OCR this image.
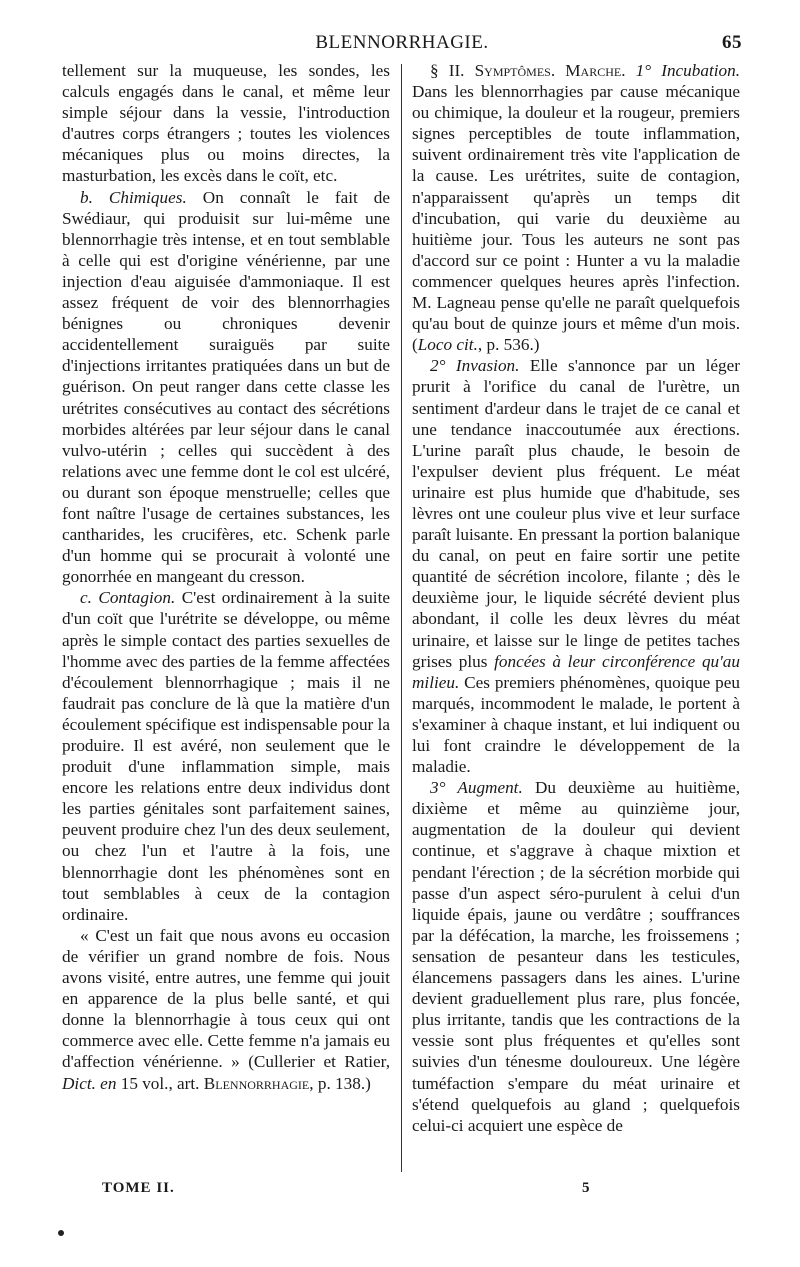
BLENNORRHAGIE.	65

tellement sur la muqueuse, les sondes, les calculs engagés dans le canal, et même leur simple séjour dans la vessie, l'introduction d'autres corps étrangers ; toutes les violences mécaniques plus ou moins directes, la masturbation, les excès dans le coït, etc.

b. Chimiques. On connaît le fait de Swédiaur, qui produisit sur lui-même une blennorrhagie très intense, et en tout semblable à celle qui est d'origine vénérienne, par une injection d'eau aiguisée d'ammoniaque. Il est assez fréquent de voir des blennorrhagies bénignes ou chroniques devenir accidentellement suraiguës par suite d'injections irritantes pratiquées dans un but de guérison. On peut ranger dans cette classe les urétrites consécutives au contact des sécrétions morbides altérées par leur séjour dans le canal vulvo-utérin ; celles qui succèdent à des relations avec une femme dont le col est ulcéré, ou durant son époque menstruelle; celles que font naître l'usage de certaines substances, les cantharides, les crucifères, etc. Schenk parle d'un homme qui se procurait à volonté une gonorrhée en mangeant du cresson.

c. Contagion. C'est ordinairement à la suite d'un coït que l'urétrite se développe, ou même après le simple contact des parties sexuelles de l'homme avec des parties de la femme affectées d'écoulement blennorrhagique ; mais il ne faudrait pas conclure de là que la matière d'un écoulement spécifique est indispensable pour la produire. Il est avéré, non seulement que le produit d'une inflammation simple, mais encore les relations entre deux individus dont les parties génitales sont parfaitement saines, peuvent produire chez l'un des deux seulement, ou chez l'un et l'autre à la fois, une blennorrhagie dont les phénomènes sont en tout semblables à ceux de la contagion ordinaire.

« C'est un fait que nous avons eu occasion de vérifier un grand nombre de fois. Nous avons visité, entre autres, une femme qui jouit en apparence de la plus belle santé, et qui donne la blennorrhagie à tous ceux qui ont commerce avec elle. Cette femme n'a jamais eu d'affection vénérienne. » (Cullerier et Ratier, Dict. en 15 vol., art. Blennorrhagie, p. 138.)

§ II. Symptômes. Marche. 1° Incubation. Dans les blennorrhagies par cause mécanique ou chimique, la douleur et la rougeur, premiers signes perceptibles de toute inflammation, suivent ordinairement très vite l'application de la cause. Les urétrites, suite de contagion, n'apparaissent qu'après un temps dit d'incubation, qui varie du deuxième au huitième jour. Tous les auteurs ne sont pas d'accord sur ce point : Hunter a vu la maladie commencer quelques heures après l'infection. M. Lagneau pense qu'elle ne paraît quelquefois qu'au bout de quinze jours et même d'un mois. (Loco cit., p. 536.)

2° Invasion. Elle s'annonce par un léger prurit à l'orifice du canal de l'urètre, un sentiment d'ardeur dans le trajet de ce canal et une tendance inaccoutumée aux érections. L'urine paraît plus chaude, le besoin de l'expulser devient plus fréquent. Le méat urinaire est plus humide que d'habitude, ses lèvres ont une couleur plus vive et leur surface paraît luisante. En pressant la portion balanique du canal, on peut en faire sortir une petite quantité de sécrétion incolore, filante ; dès le deuxième jour, le liquide sécrété devient plus abondant, il colle les deux lèvres du méat urinaire, et laisse sur le linge de petites taches grises plus foncées à leur circonférence qu'au milieu. Ces premiers phénomènes, quoique peu marqués, incommodent le malade, le portent à s'examiner à chaque instant, et lui indiquent ou lui font craindre le développement de la maladie.

3° Augment. Du deuxième au huitième, dixième et même au quinzième jour, augmentation de la douleur qui devient continue, et s'aggrave à chaque mixtion et pendant l'érection ; de la sécrétion morbide qui passe d'un aspect séro-purulent à celui d'un liquide épais, jaune ou verdâtre ; souffrances par la défécation, la marche, les froissemens ; sensation de pesanteur dans les testicules, élancemens passagers dans les aines. L'urine devient graduellement plus rare, plus foncée, plus irritante, tandis que les contractions de la vessie sont plus fréquentes et qu'elles sont suivies d'un ténesme douloureux. Une légère tuméfaction s'empare du méat urinaire et s'étend quelquefois au gland ; quelquefois celui-ci acquiert une espèce de

TOME II.	5
